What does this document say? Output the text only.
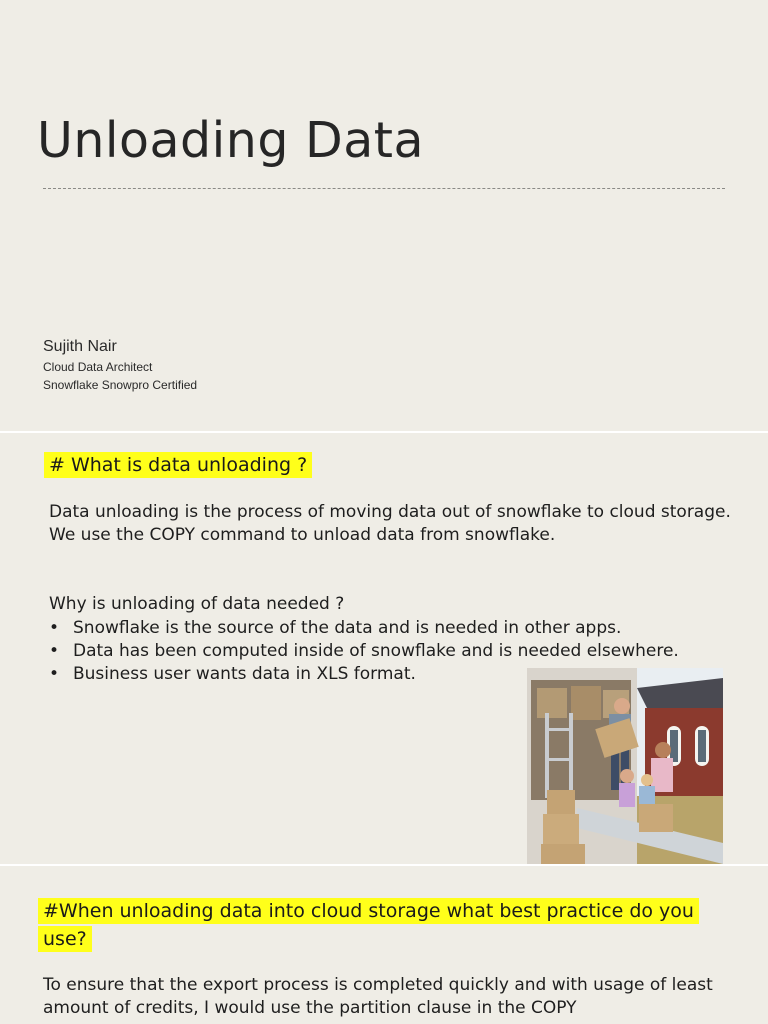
Unloading Data
Sujith Nair
Cloud Data Architect
Snowflake Snowpro Certified
# What is data unloading ?

Data unloading is the process of moving data out of snowflake to cloud storage. We use the COPY command to unload data from snowflake.

Why is unloading of data needed ?

• Snowflake is the source of the data and is needed in other apps.
• Data has been computed inside of snowflake and is needed elsewhere.
• Business user wants data in XLS format.
#When unloading data into cloud storage what best practice do you use?

To ensure that the export process is completed quickly and with usage of least amount of credits, I would use the partition clause in the COPY
